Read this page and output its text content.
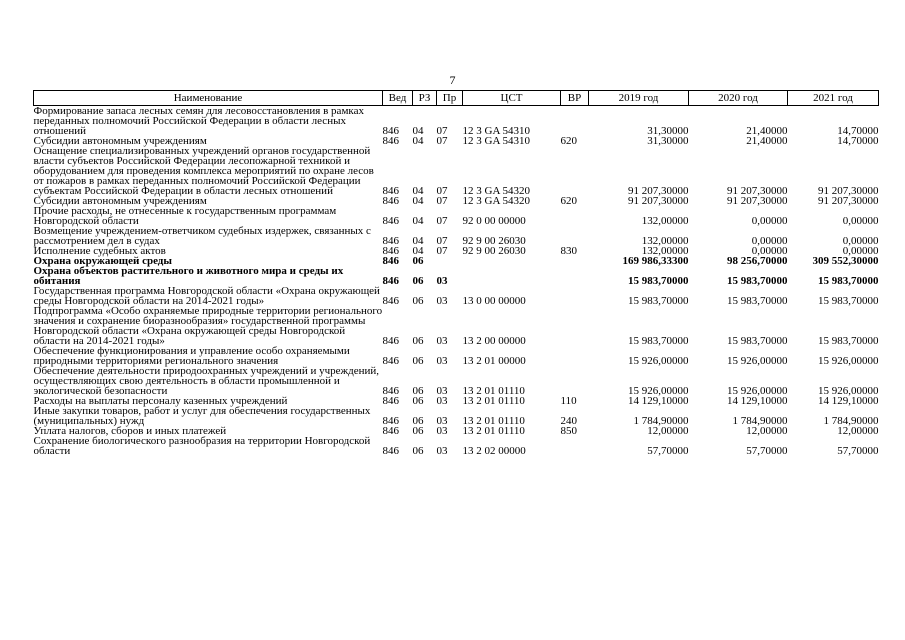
7
Наименование	Вед	РЗ	Пр	ЦСТ	ВР	2019 год	2020 год	2021 год
Формирование запаса лесных семян для лесовосстановления в рамках переданных полномочий Российской Федерации в области лесных отношений	846	04	07	12 3 GA 54310		31,30000	21,40000	14,70000
Субсидии автономным учреждениям	846	04	07	12 3 GA 54310	620	31,30000	21,40000	14,70000
Оснащение специализированных учреждений органов государственной власти субъектов Российской Федерации лесопожарной техникой и оборудованием для проведения комплекса мероприятий по охране лесов от пожаров в рамках переданных полномочий Российской Федерации субъектам Российской Федерации в области лесных отношений	846	04	07	12 3 GA 54320		91 207,30000	91 207,30000	91 207,30000
Субсидии автономным учреждениям	846	04	07	12 3 GA 54320	620	91 207,30000	91 207,30000	91 207,30000
Прочие расходы, не отнесенные к государственным программам Новгородской области	846	04	07	92 0 00 00000		132,00000	0,00000	0,00000
Возмещение учреждением-ответчиком судебных издержек, связанных с рассмотрением дел в судах	846	04	07	92 9 00 26030		132,00000	0,00000	0,00000
Исполнение судебных актов	846	04	07	92 9 00 26030	830	132,00000	0,00000	0,00000
Охрана окружающей среды	846	06				169 986,33300	98 256,70000	309 552,30000
Охрана объектов растительного и животного мира и среды их обитания	846	06	03			15 983,70000	15 983,70000	15 983,70000
Государственная программа Новгородской области «Охрана окружающей среды Новгородской области на 2014-2021 годы»	846	06	03	13 0 00 00000		15 983,70000	15 983,70000	15 983,70000
Подпрограмма «Особо охраняемые природные территории регионального значения и сохранение биоразнообразия» государственной программы Новгородской области «Охрана окружающей среды Новгородской области на 2014-2021 годы»	846	06	03	13 2 00 00000		15 983,70000	15 983,70000	15 983,70000
Обеспечение функционирования и управление особо охраняемыми природными территориями регионального значения	846	06	03	13 2 01 00000		15 926,00000	15 926,00000	15 926,00000
Обеспечение деятельности природоохранных учреждений и учреждений, осуществляющих свою деятельность в области промышленной и экологической безопасности	846	06	03	13 2 01 01110		15 926,00000	15 926,00000	15 926,00000
Расходы на выплаты персоналу казенных учреждений	846	06	03	13 2 01 01110	110	14 129,10000	14 129,10000	14 129,10000
Иные закупки товаров, работ и услуг для обеспечения государственных (муниципальных) нужд	846	06	03	13 2 01 01110	240	1 784,90000	1 784,90000	1 784,90000
Уплата налогов, сборов и иных платежей	846	06	03	13 2 01 01110	850	12,00000	12,00000	12,00000
Сохранение биологического разнообразия на территории Новгородской области	846	06	03	13 2 02 00000		57,70000	57,70000	57,70000
